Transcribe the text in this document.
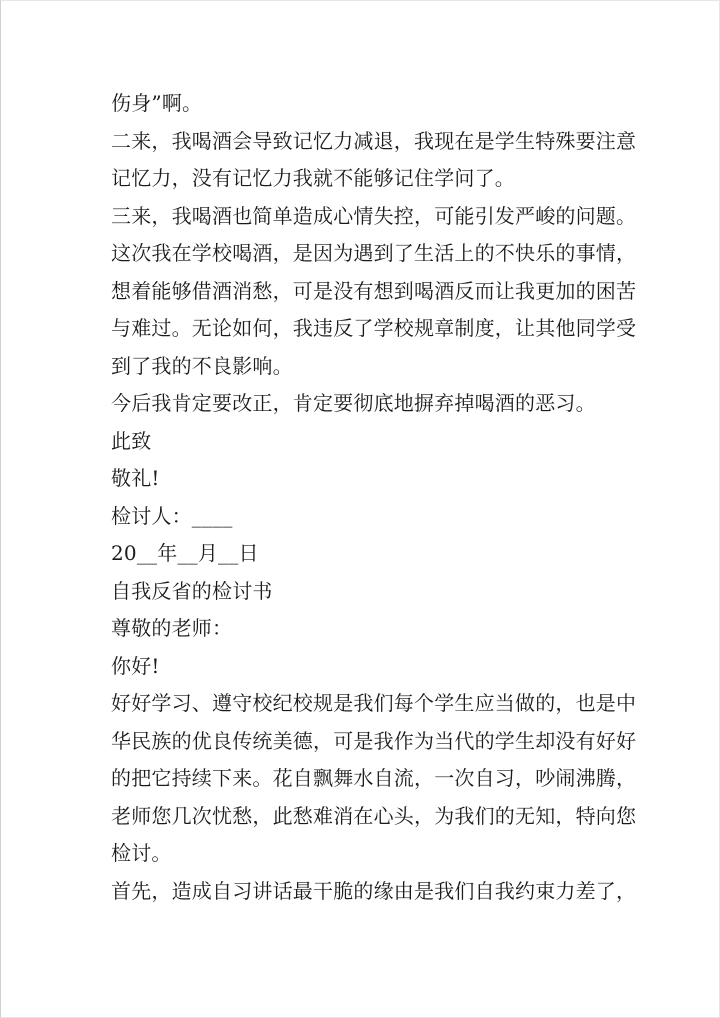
伤身”啊。

二来，我喝酒会导致记忆力减退，我现在是学生特殊要注意

记忆力，没有记忆力我就不能够记住学问了。

三来，我喝酒也简单造成心情失控，可能引发严峻的问题。

这次我在学校喝酒，是因为遇到了生活上的不快乐的事情，

想着能够借酒消愁，可是没有想到喝酒反而让我更加的困苦

与难过。无论如何，我违反了学校规章制度，让其他同学受

到了我的不良影响。

今后我肯定要改正，肯定要彻底地摒弃掉喝酒的恶习。

此致

敬礼!

检讨人：____

20__年__月__日

自我反省的检讨书

尊敬的老师：

你好!

好好学习、遵守校纪校规是我们每个学生应当做的，也是中

华民族的优良传统美德，可是我作为当代的学生却没有好好

的把它持续下来。花自飘舞水自流，一次自习，吵闹沸腾，

老师您几次忧愁，此愁难消在心头，为我们的无知，特向您

检讨。

首先，造成自习讲话最干脆的缘由是我们自我约束力差了，
